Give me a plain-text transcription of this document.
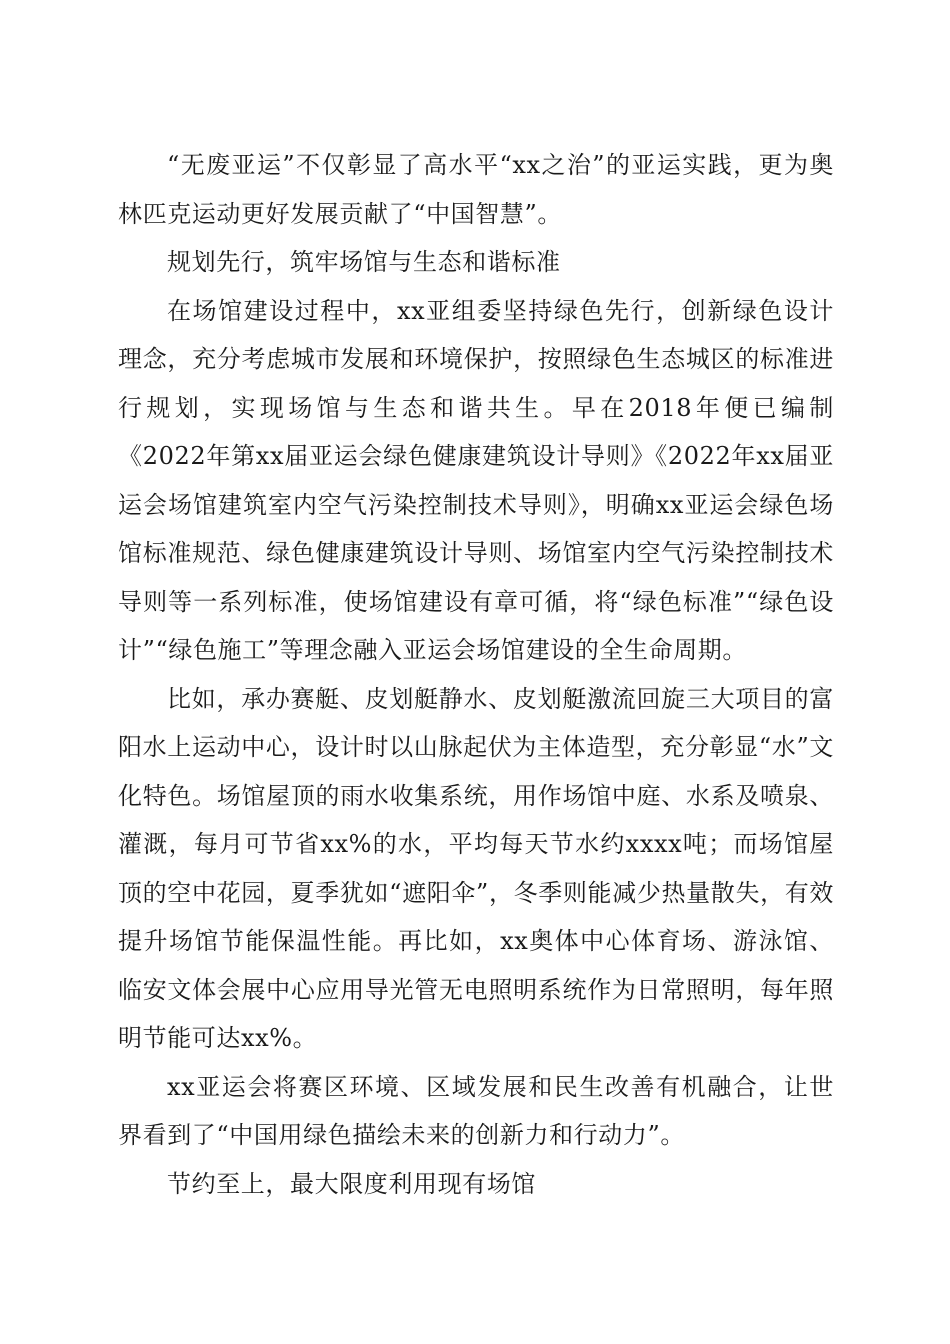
“无废亚运”不仅彰显了高水平“xx之治”的亚运实践，更为奥林匹克运动更好发展贡献了“中国智慧”。

规划先行，筑牢场馆与生态和谐标准

在场馆建设过程中，xx亚组委坚持绿色先行，创新绿色设计理念，充分考虑城市发展和环境保护，按照绿色生态城区的标准进行规划，实现场馆与生态和谐共生。早在2018年便已编制《2022年第xx届亚运会绿色健康建筑设计导则》《2022年xx届亚运会场馆建筑室内空气污染控制技术导则》，明确xx亚运会绿色场馆标准规范、绿色健康建筑设计导则、场馆室内空气污染控制技术导则等一系列标准，使场馆建设有章可循，将“绿色标准”“绿色设计”“绿色施工”等理念融入亚运会场馆建设的全生命周期。

比如，承办赛艇、皮划艇静水、皮划艇激流回旋三大项目的富阳水上运动中心，设计时以山脉起伏为主体造型，充分彰显“水”文化特色。场馆屋顶的雨水收集系统，用作场馆中庭、水系及喷泉、灌溉，每月可节省xx%的水，平均每天节水约xxxx吨；而场馆屋顶的空中花园，夏季犹如“遮阳伞”，冬季则能减少热量散失，有效提升场馆节能保温性能。再比如，xx奥体中心体育场、游泳馆、临安文体会展中心应用导光管无电照明系统作为日常照明，每年照明节能可达xx%。

xx亚运会将赛区环境、区域发展和民生改善有机融合，让世界看到了“中国用绿色描绘未来的创新力和行动力”。

节约至上，最大限度利用现有场馆
